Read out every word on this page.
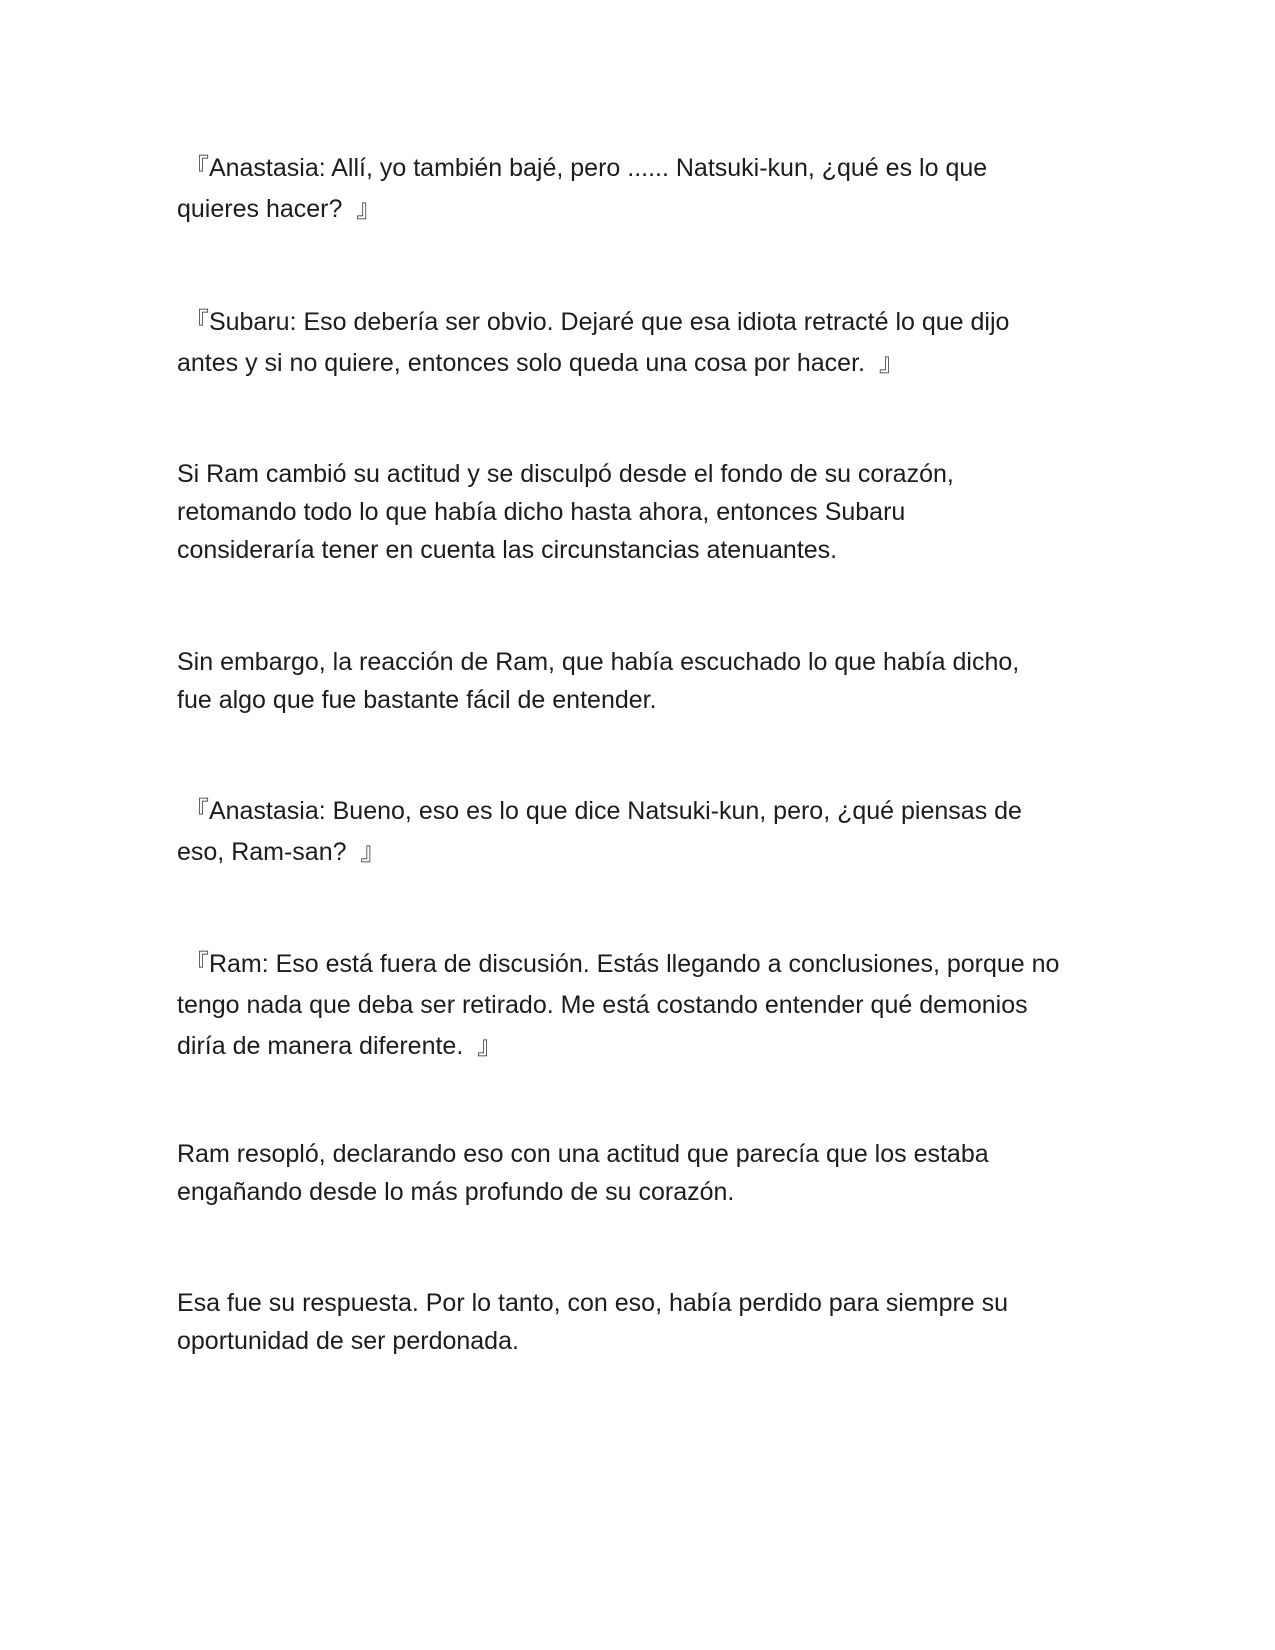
『Anastasia: Allí, yo también bajé, pero ...... Natsuki-kun, ¿qué es lo que
quieres hacer?  』

『Subaru: Eso debería ser obvio. Dejaré que esa idiota retracté lo que dijo
antes y si no quiere, entonces solo queda una cosa por hacer.  』

Si Ram cambió su actitud y se disculpó desde el fondo de su corazón,
retomando todo lo que había dicho hasta ahora, entonces Subaru
consideraría tener en cuenta las circunstancias atenuantes.

Sin embargo, la reacción de Ram, que había escuchado lo que había dicho,
fue algo que fue bastante fácil de entender.

『Anastasia: Bueno, eso es lo que dice Natsuki-kun, pero, ¿qué piensas de
eso, Ram-san?  』

『Ram: Eso está fuera de discusión. Estás llegando a conclusiones, porque no
tengo nada que deba ser retirado. Me está costando entender qué demonios
diría de manera diferente.  』

Ram resopló, declarando eso con una actitud que parecía que los estaba
engañando desde lo más profundo de su corazón.

Esa fue su respuesta. Por lo tanto, con eso, había perdido para siempre su
oportunidad de ser perdonada.
